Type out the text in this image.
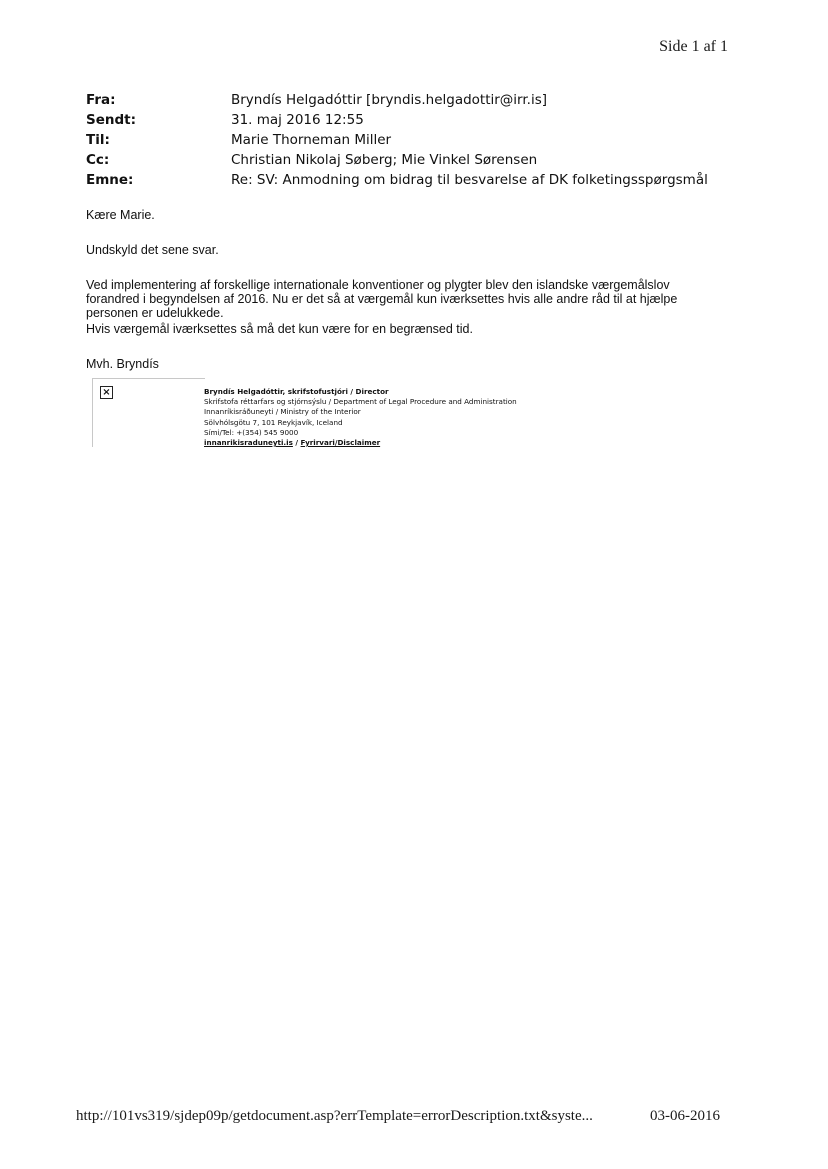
Side 1 af 1
Fra:	Bryndís Helgadóttir [bryndis.helgadottir@irr.is]
Sendt:	31. maj 2016 12:55
Til:	Marie Thorneman Miller
Cc:	Christian Nikolaj Søberg; Mie Vinkel Sørensen
Emne:	Re: SV: Anmodning om bidrag til besvarelse af DK folketingsspørgsmål

Kære Marie.

Undskyld det sene svar.

Ved implementering af forskellige internationale konventioner og plygter blev den islandske værgemålslov forandred i begyndelsen af 2016. Nu er det så at værgemål kun iværksettes hvis alle andre råd til at hjælpe personen er udelukkede.

Hvis værgemål iværksettes så må det kun være for en begrænsed tid.

Mvh. Bryndís

×	Bryndís Helgadóttir, skrifstofustjóri / Director
Skrifstofa réttarfars og stjórnsýslu / Department of Legal Procedure and Administration
Innanríkisráðuneyti / Ministry of the Interior
Sölvhólsgötu 7, 101 Reykjavík, Iceland
Sími/Tel: +(354) 545 9000
innanrikisraduneyti.is / Fyrirvari/Disclaimer
http://101vs319/sjdep09p/getdocument.asp?errTemplate=errorDescription.txt&syste...	03-06-2016
